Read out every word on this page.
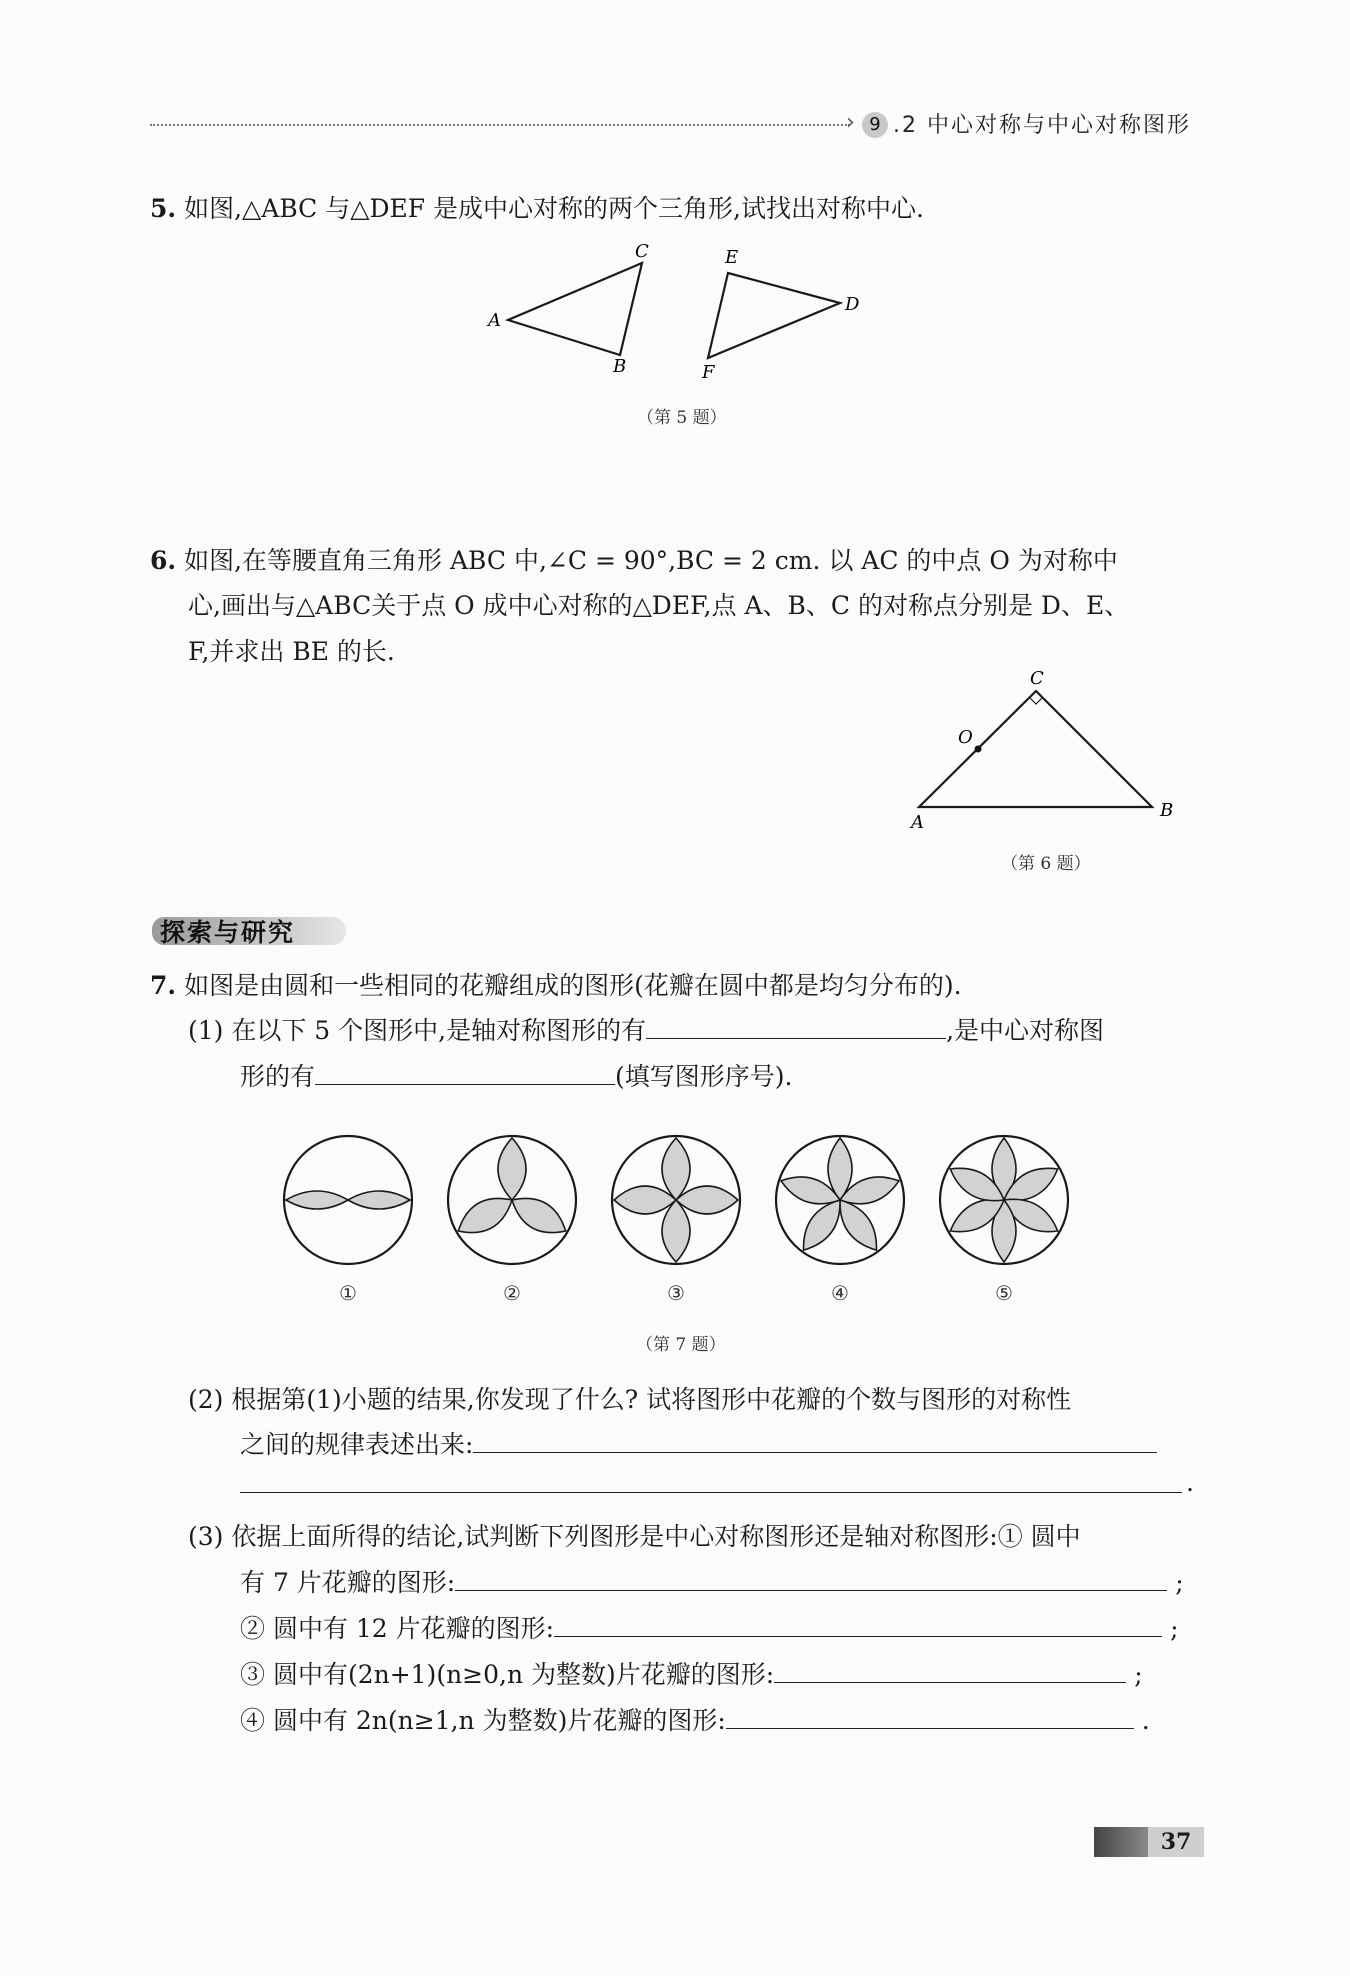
› 9 .2 中心对称与中心对称图形
5. 如图,△ABC 与△DEF 是成中心对称的两个三角形,试找出对称中心.
A
C
B
E
D
F
（第 5 题）
6. 如图,在等腰直角三角形 ABC 中,∠C = 90°,BC = 2 cm. 以 AC 的中点 O 为对称中
心,画出与△ABC关于点 O 成中心对称的△DEF,点 A、B、C 的对称点分别是 D、E、
F,并求出 BE 的长.
C
O
A
B
（第 6 题）
探索与研究
7. 如图是由圆和一些相同的花瓣组成的图形(花瓣在圆中都是均匀分布的).
(1) 在以下 5 个图形中,是轴对称图形的有	,是中心对称图
形的有	(填写图形序号).
①	②	③	④	⑤
（第 7 题）
(2) 根据第(1)小题的结果,你发现了什么? 试将图形中花瓣的个数与图形的对称性
之间的规律表述出来:
.
(3) 依据上面所得的结论,试判断下列图形是中心对称图形还是轴对称图形:① 圆中
有 7 片花瓣的图形:	;
② 圆中有 12 片花瓣的图形:	;
③ 圆中有(2n+1)(n≥0,n 为整数)片花瓣的图形:	;
④ 圆中有 2n(n≥1,n 为整数)片花瓣的图形:	.
37
